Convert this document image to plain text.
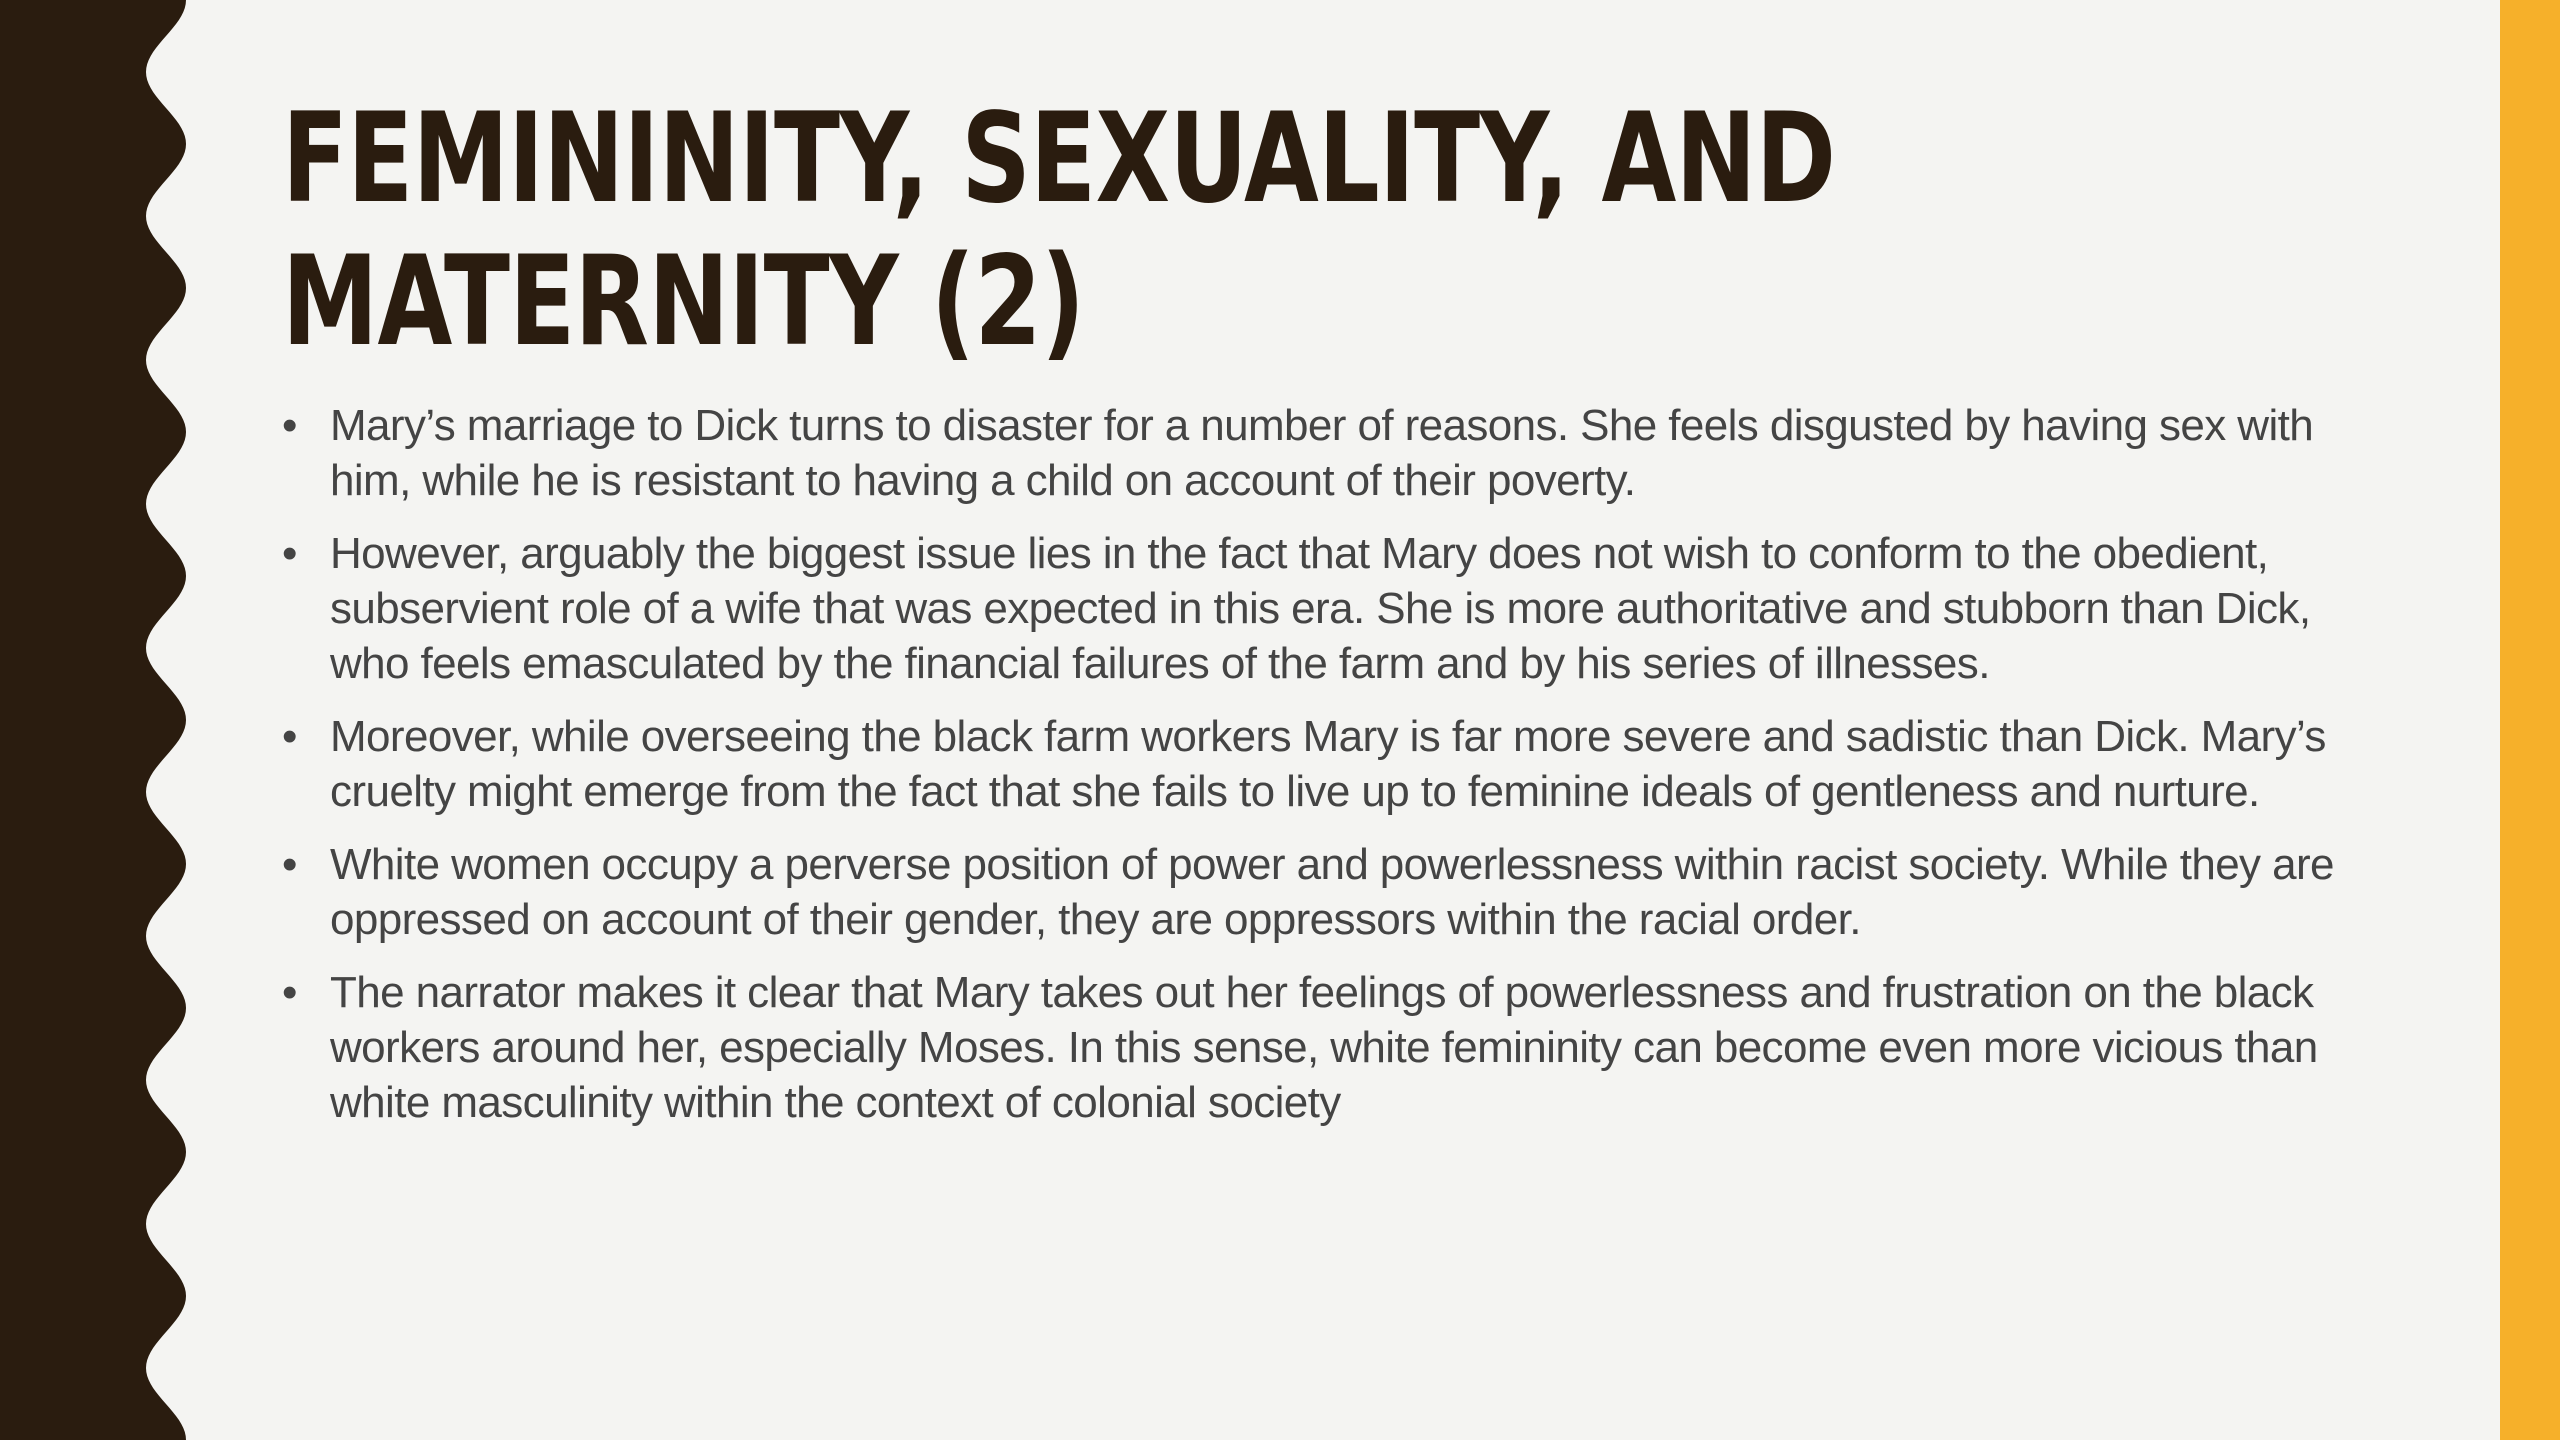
FEMININITY, SEXUALITY, AND
MATERNITY (2)
• Mary’s marriage to Dick turns to disaster for a number of reasons. She feels disgusted by having sex with him, while he is resistant to having a child on account of their poverty.
• However, arguably the biggest issue lies in the fact that Mary does not wish to conform to the obedient, subservient role of a wife that was expected in this era. She is more authoritative and stubborn than Dick, who feels emasculated by the financial failures of the farm and by his series of illnesses.
• Moreover, while overseeing the black farm workers Mary is far more severe and sadistic than Dick. Mary’s cruelty might emerge from the fact that she fails to live up to feminine ideals of gentleness and nurture.
• White women occupy a perverse position of power and powerlessness within racist society. While they are oppressed on account of their gender, they are oppressors within the racial order.
• The narrator makes it clear that Mary takes out her feelings of powerlessness and frustration on the black workers around her, especially Moses. In this sense, white femininity can become even more vicious than white masculinity within the context of colonial society
